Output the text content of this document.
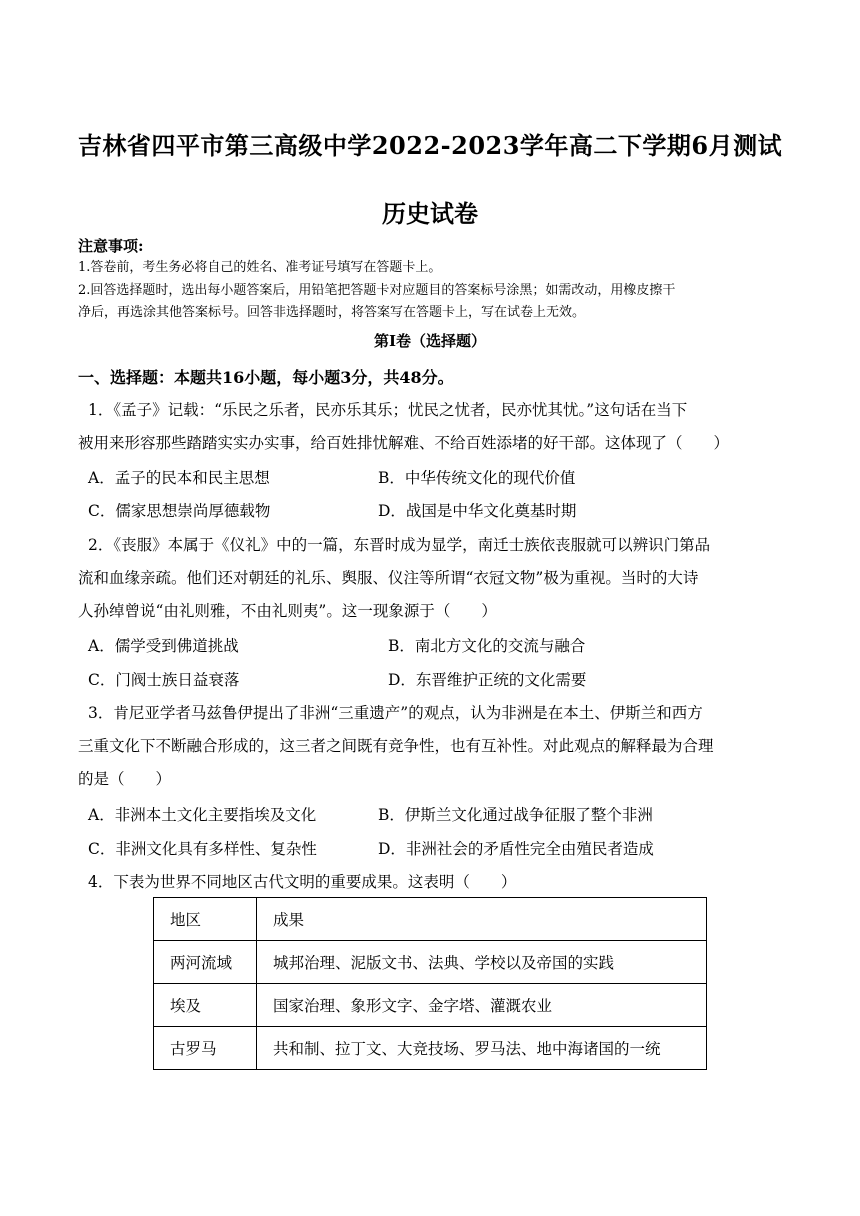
吉林省四平市第三高级中学2022-2023学年高二下学期6月测试
历史试卷
注意事项:
1.答卷前，考生务必将自己的姓名、准考证号填写在答题卡上。
2.回答选择题时，选出每小题答案后，用铅笔把答题卡对应题目的答案标号涂黑；如需改动，用橡皮擦干
净后，再选涂其他答案标号。回答非选择题时，将答案写在答题卡上，写在试卷上无效。
第Ⅰ卷（选择题）
一、选择题：本题共16小题，每小题3分，共48分。
1．《孟子》记载：“乐民之乐者，民亦乐其乐；忧民之忧者，民亦忧其忧。”这句话在当下
被用来形容那些踏踏实实办实事，给百姓排忧解难、不给百姓添堵的好干部。这体现了（　　）
A．孟子的民本和民主思想	B．中华传统文化的现代价值
C．儒家思想崇尚厚德载物	D．战国是中华文化奠基时期
2．《丧服》本属于《仪礼》中的一篇，东晋时成为显学，南迁士族依丧服就可以辨识门第品
流和血缘亲疏。他们还对朝廷的礼乐、舆服、仪注等所谓“衣冠文物”极为重视。当时的大诗
人孙绰曾说“由礼则雅，不由礼则夷”。这一现象源于（　　）
A．儒学受到佛道挑战	B．南北方文化的交流与融合
C．门阀士族日益衰落	D．东晋维护正统的文化需要
3．肯尼亚学者马兹鲁伊提出了非洲“三重遗产”的观点，认为非洲是在本土、伊斯兰和西方
三重文化下不断融合形成的，这三者之间既有竞争性，也有互补性。对此观点的解释最为合理
的是（　　）
A．非洲本土文化主要指埃及文化	B．伊斯兰文化通过战争征服了整个非洲
C．非洲文化具有多样性、复杂性	D．非洲社会的矛盾性完全由殖民者造成
4．下表为世界不同地区古代文明的重要成果。这表明（　　）
地区	成果
两河流域	城邦治理、泥版文书、法典、学校以及帝国的实践
埃及	国家治理、象形文字、金字塔、灌溉农业
古罗马	共和制、拉丁文、大竞技场、罗马法、地中海诸国的一统
